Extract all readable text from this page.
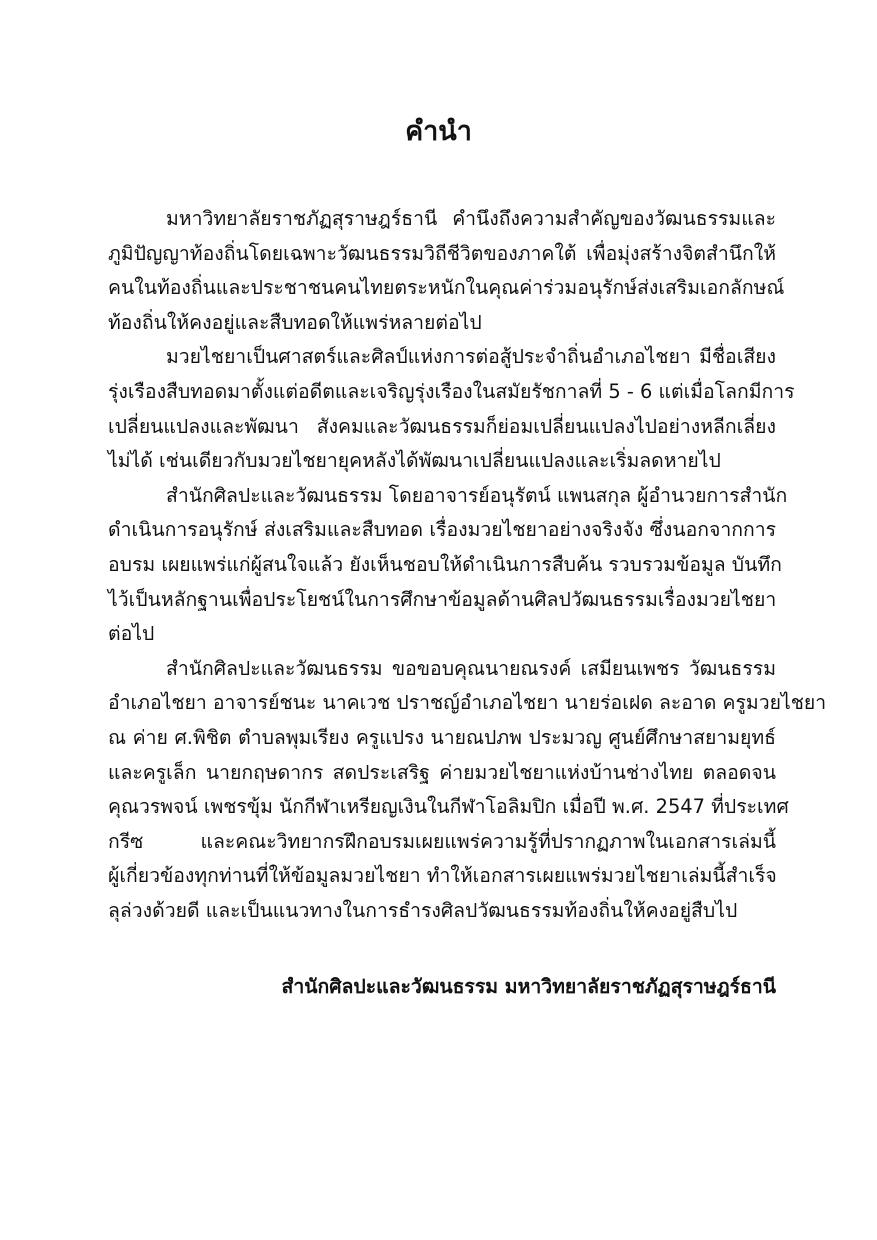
คำนำ
มหาวิทยาลัยราชภัฏสุราษฎร์ธานี คำนึงถึงความสำคัญของวัฒนธรรมและ
ภูมิปัญญาท้องถิ่นโดยเฉพาะวัฒนธรรมวิถีชีวิตของภาคใต้ เพื่อมุ่งสร้างจิตสำนึกให้
คนในท้องถิ่นและประชาชนคนไทยตระหนักในคุณค่าร่วมอนุรักษ์ส่งเสริมเอกลักษณ์
ท้องถิ่นให้คงอยู่และสืบทอดให้แพร่หลายต่อไป
มวยไชยาเป็นศาสตร์และศิลป์แห่งการต่อสู้ประจำถิ่นอำเภอไชยา มีชื่อเสียง
รุ่งเรืองสืบทอดมาตั้งแต่อดีตและเจริญรุ่งเรืองในสมัยรัชกาลที่ 5 - 6 แต่เมื่อโลกมีการ
เปลี่ยนแปลงและพัฒนา สังคมและวัฒนธรรมก็ย่อมเปลี่ยนแปลงไปอย่างหลีกเลี่ยง
ไม่ได้ เช่นเดียวกับมวยไชยายุคหลังได้พัฒนาเปลี่ยนแปลงและเริ่มลดหายไป
สำนักศิลปะและวัฒนธรรม โดยอาจารย์อนุรัตน์ แพนสกุล ผู้อำนวยการสำนัก
ดำเนินการอนุรักษ์ ส่งเสริมและสืบทอด เรื่องมวยไชยาอย่างจริงจัง ซึ่งนอกจากการ
อบรม เผยแพร่แก่ผู้สนใจแล้ว ยังเห็นชอบให้ดำเนินการสืบค้น รวบรวมข้อมูล บันทึก
ไว้เป็นหลักฐานเพื่อประโยชน์ในการศึกษาข้อมูลด้านศิลปวัฒนธรรมเรื่องมวยไชยา
ต่อไป
สำนักศิลปะและวัฒนธรรม ขอขอบคุณนายณรงค์ เสมียนเพชร วัฒนธรรม
อำเภอไชยา อาจารย์ชนะ นาคเวช ปราชญ์อำเภอไชยา นายร่อเฝด ละอาด ครูมวยไชยา
ณ ค่าย ศ.พิชิต ตำบลพุมเรียง ครูแปรง นายณปภพ ประมวญ ศูนย์ศึกษาสยามยุทธ์
และครูเล็ก นายกฤษดากร สดประเสริฐ ค่ายมวยไชยาแห่งบ้านช่างไทย ตลอดจน
คุณวรพจน์ เพชรขุ้ม นักกีฬาเหรียญเงินในกีฬาโอลิมปิก เมื่อปี พ.ศ. 2547 ที่ประเทศ
กรีซ และคณะวิทยากรฝึกอบรมเผยแพร่ความรู้ที่ปรากฏภาพในเอกสารเล่มนี้
ผู้เกี่ยวข้องทุกท่านที่ให้ข้อมูลมวยไชยา ทำให้เอกสารเผยแพร่มวยไชยาเล่มนี้สำเร็จ
ลุล่วงด้วยดี และเป็นแนวทางในการธำรงศิลปวัฒนธรรมท้องถิ่นให้คงอยู่สืบไป
สำนักศิลปะและวัฒนธรรม มหาวิทยาลัยราชภัฏสุราษฎร์ธานี
